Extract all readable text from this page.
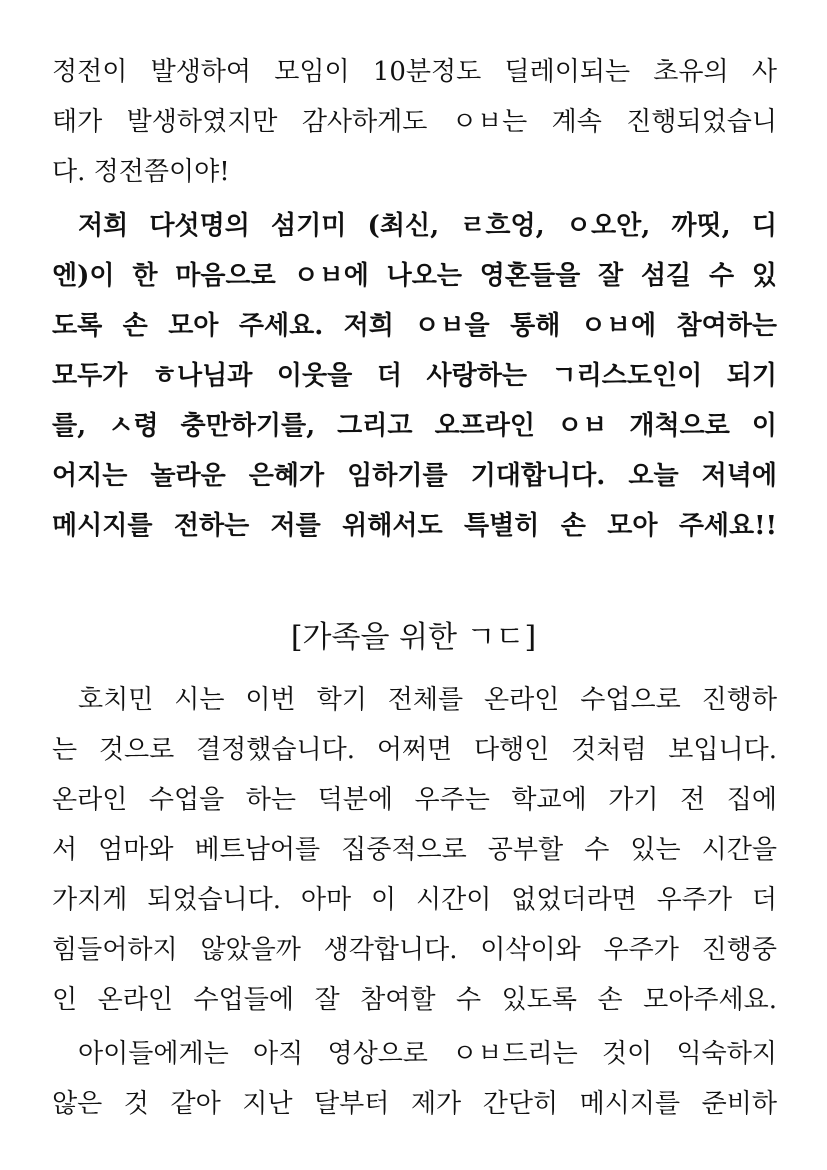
정전이 발생하여 모임이 10분정도 딜레이되는 초유의 사
태가 발생하였지만 감사하게도 ㅇㅂ는 계속 진행되었습니
다. 정전쯤이야!
저희 다섯명의 섬기미 (최신, ㄹ흐엉, ㅇ오안, 까띳, 디
엔)이 한 마음으로 ㅇㅂ에 나오는 영혼들을 잘 섬길 수 있
도록 손 모아 주세요. 저희 ㅇㅂ을 통해 ㅇㅂ에 참여하는
모두가 ㅎ나님과 이웃을 더 사랑하는 ㄱ리스도인이 되기
를, ㅅ령 충만하기를, 그리고 오프라인 ㅇㅂ 개척으로 이
어지는 놀라운 은혜가 임하기를 기대합니다. 오늘 저녁에
메시지를 전하는 저를 위해서도 특별히 손 모아 주세요!!
[가족을 위한 ㄱㄷ]
호치민 시는 이번 학기 전체를 온라인 수업으로 진행하
는 것으로 결정했습니다. 어쩌면 다행인 것처럼 보입니다.
온라인 수업을 하는 덕분에 우주는 학교에 가기 전 집에
서 엄마와 베트남어를 집중적으로 공부할 수 있는 시간을
가지게 되었습니다. 아마 이 시간이 없었더라면 우주가 더
힘들어하지 않았을까 생각합니다. 이삭이와 우주가 진행중
인 온라인 수업들에 잘 참여할 수 있도록 손 모아주세요.
아이들에게는 아직 영상으로 ㅇㅂ드리는 것이 익숙하지
않은 것 같아 지난 달부터 제가 간단히 메시지를 준비하
